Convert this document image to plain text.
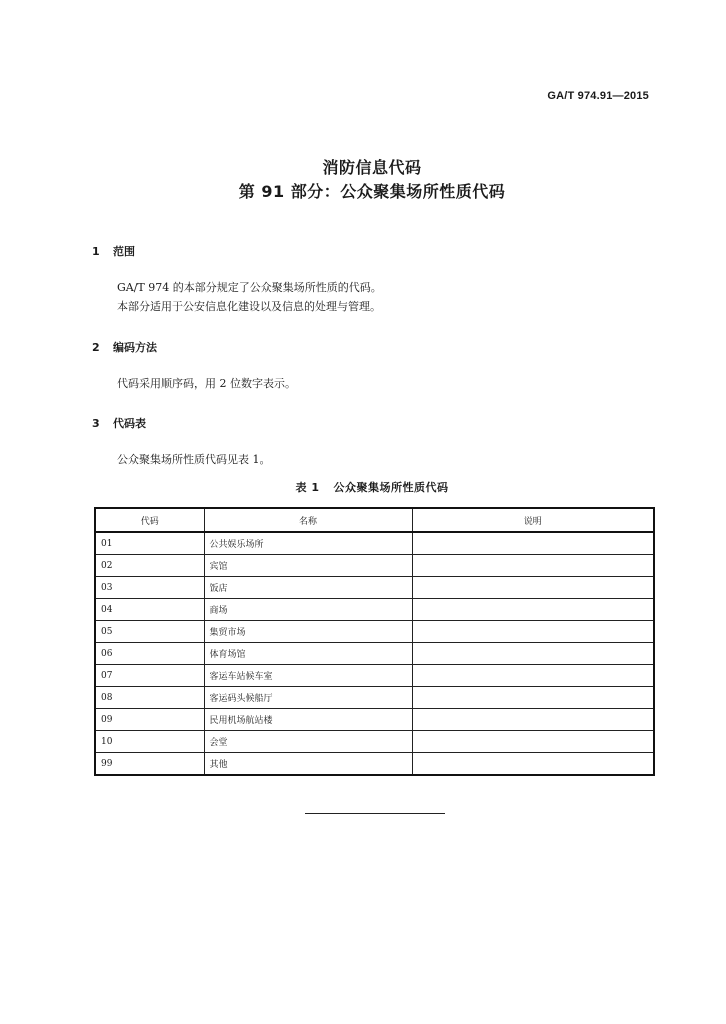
GA/T 974.91—2015
消防信息代码
第 91 部分：公众聚集场所性质代码
1 范围
GA/T 974 的本部分规定了公众聚集场所性质的代码。
本部分适用于公安信息化建设以及信息的处理与管理。
2 编码方法
代码采用顺序码，用 2 位数字表示。
3 代码表
公众聚集场所性质代码见表 1。
表 1 公众聚集场所性质代码
代码	名称	说明
01	公共娱乐场所	
02	宾馆	
03	饭店	
04	商场	
05	集贸市场	
06	体育场馆	
07	客运车站候车室	
08	客运码头候船厅	
09	民用机场航站楼	
10	会堂	
99	其他	
